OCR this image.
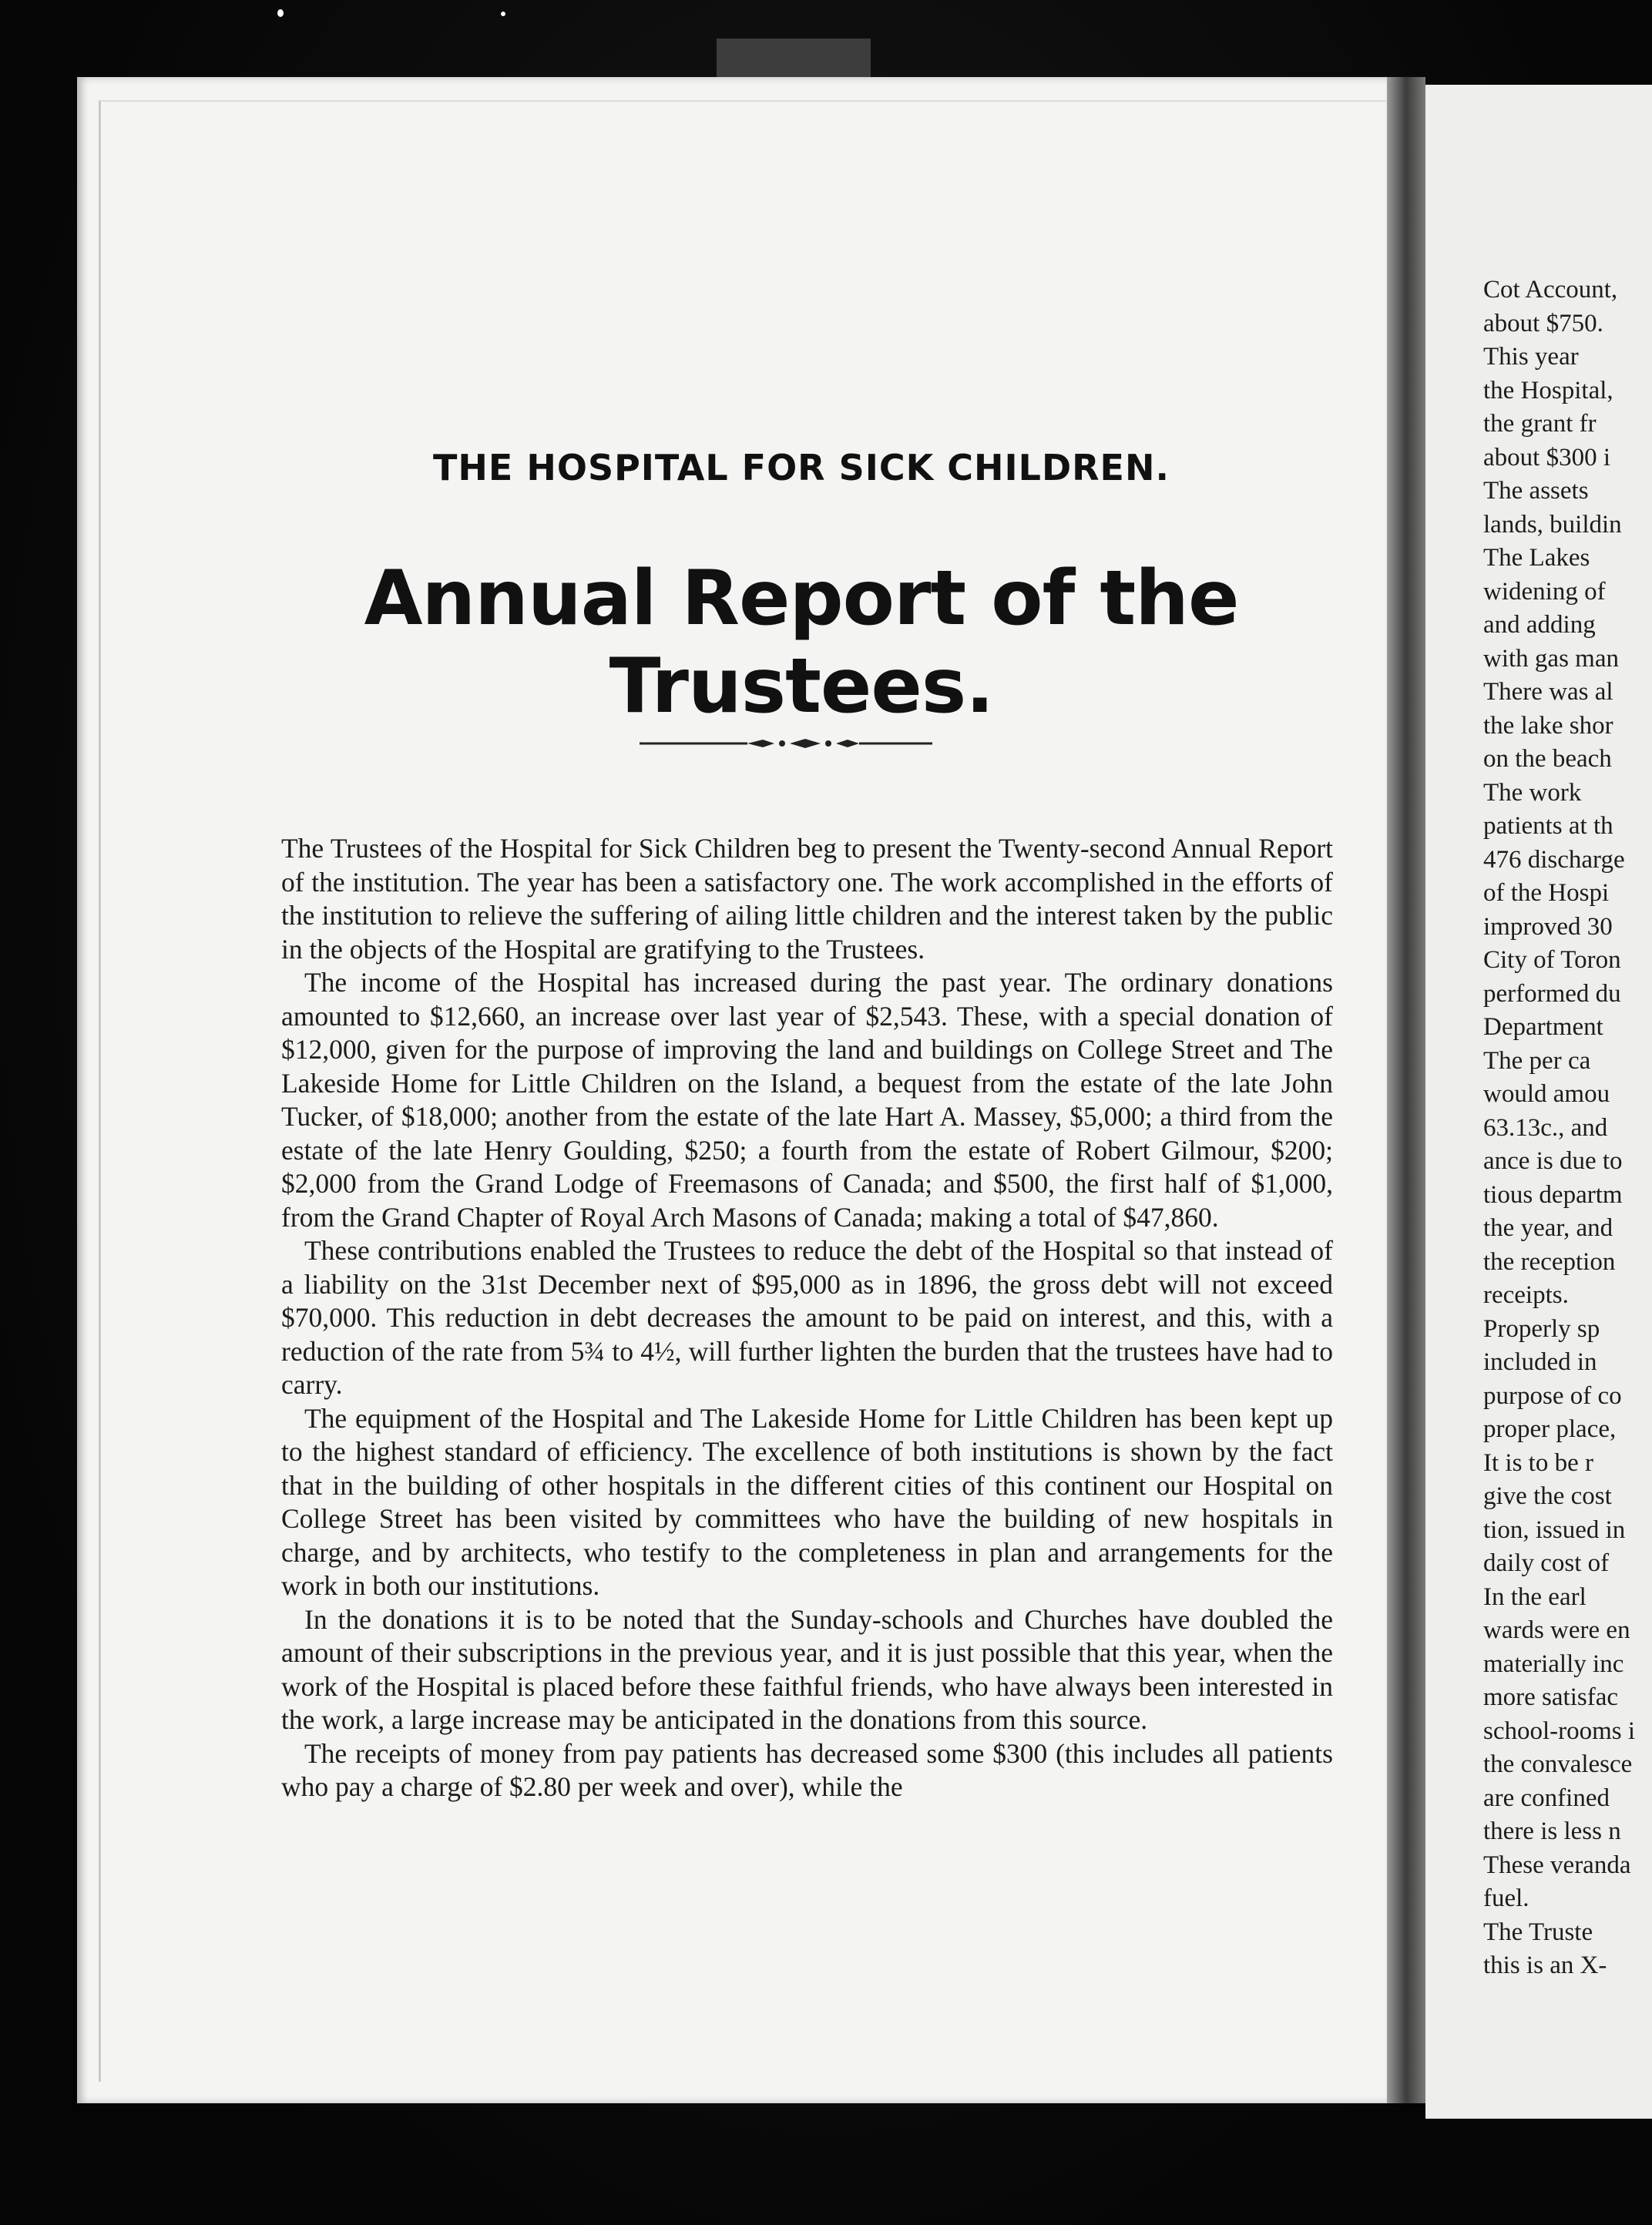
THE HOSPITAL FOR SICK CHILDREN.
Annual Report of the Trustees.

The Trustees of the Hospital for Sick Children beg to present the Twenty-second Annual Report of the institution. The year has been a satisfactory one. The work accomplished in the efforts of the institution to relieve the suffering of ailing little children and the interest taken by the public in the objects of the Hospital are gratifying to the Trustees.

The income of the Hospital has increased during the past year. The ordinary donations amounted to $12,660, an increase over last year of $2,543. These, with a special donation of $12,000, given for the purpose of improving the land and buildings on College Street and The Lakeside Home for Little Children on the Island, a bequest from the estate of the late John Tucker, of $18,000; another from the estate of the late Hart A. Massey, $5,000; a third from the estate of the late Henry Goulding, $250; a fourth from the estate of Robert Gilmour, $200; $2,000 from the Grand Lodge of Freemasons of Canada; and $500, the first half of $1,000, from the Grand Chapter of Royal Arch Masons of Canada; making a total of $47,860.

These contributions enabled the Trustees to reduce the debt of the Hospital so that instead of a liability on the 31st December next of $95,000 as in 1896, the gross debt will not exceed $70,000. This reduction in debt decreases the amount to be paid on interest, and this, with a reduction of the rate from 5¾ to 4½, will further lighten the burden that the trustees have had to carry.

The equipment of the Hospital and The Lakeside Home for Little Children has been kept up to the highest standard of efficiency. The excellence of both institutions is shown by the fact that in the building of other hospitals in the different cities of this continent our Hospital on College Street has been visited by committees who have the building of new hospitals in charge, and by architects, who testify to the completeness in plan and arrangements for the work in both our institutions.

In the donations it is to be noted that the Sunday-schools and Churches have doubled the amount of their subscriptions in the previous year, and it is just possible that this year, when the work of the Hospital is placed before these faithful friends, who have always been interested in the work, a large increase may be anticipated in the donations from this source.

The receipts of money from pay patients has decreased some $300 (this includes all patients who pay a charge of $2.80 per week and over), while the

Cot Account,
about $750.
This year
the Hospital,
the grant fr
about $300 i
The assets
lands, buildin
The Lakes
widening of
and adding
with gas man
There was al
the lake shor
on the beach
The work
patients at th
476 discharge
of the Hospi
improved 30
City of Toron
performed du
Department
The per ca
would amou
63.13c., and
ance is due to
tious departm
the year, and
the reception
receipts.
Properly sp
included in
purpose of co
proper place,
It is to be r
give the cost
tion, issued in
daily cost of
In the earl
wards were en
materially inc
more satisfac
school-rooms i
the convalesce
are confined
there is less n
These veranda
fuel.
The Truste
this is an X-
